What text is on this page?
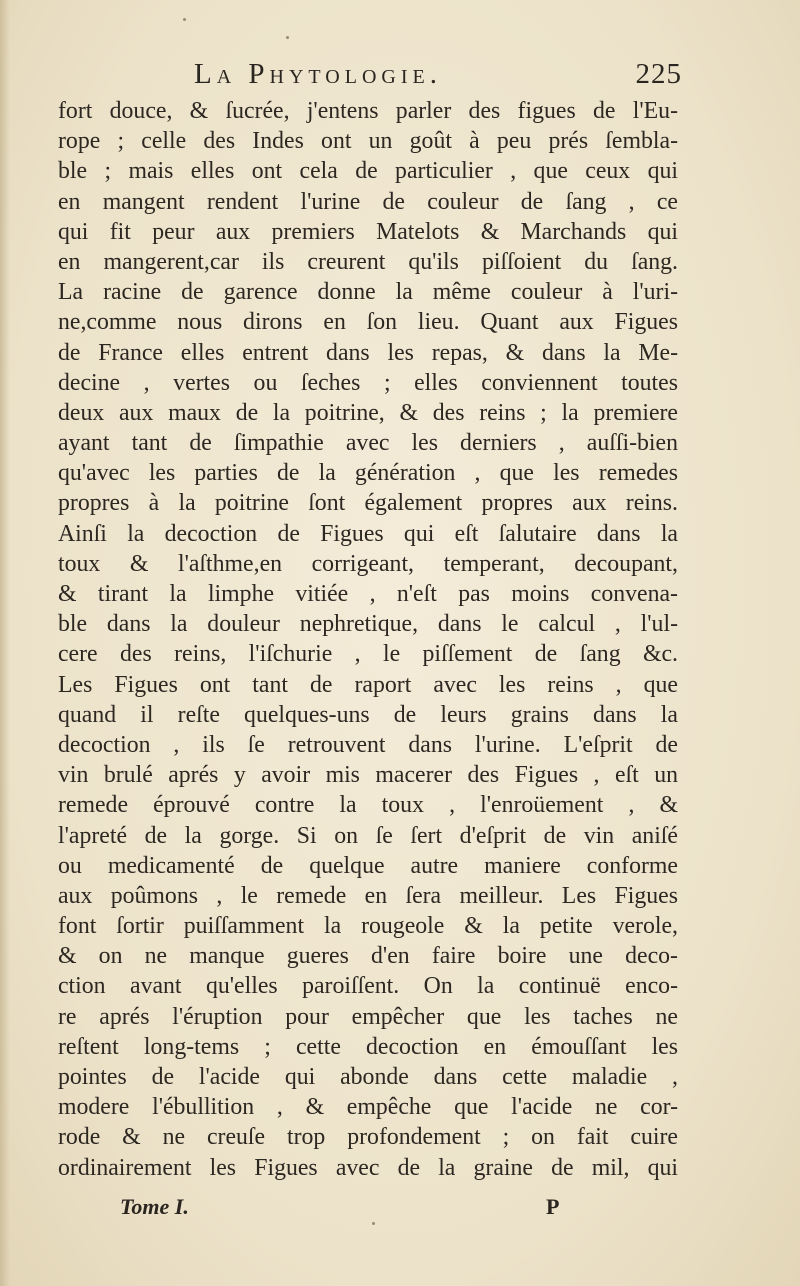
La Phytologie.	225
fort douce, & ſucrée, j'entens parler des figues de l'Eu-
rope ; celle des Indes ont un goût à peu prés ſembla-
ble ; mais elles ont cela de particulier , que ceux qui
en mangent rendent l'urine de couleur de ſang , ce
qui fit peur aux premiers Matelots & Marchands qui
en mangerent,car ils creurent qu'ils piſſoient du ſang.
La racine de garence donne la même couleur à l'uri-
ne,comme nous dirons en ſon lieu. Quant aux Figues
de France elles entrent dans les repas, & dans la Me-
decine , vertes ou ſeches ; elles conviennent toutes
deux aux maux de la poitrine, & des reins ; la premiere
ayant tant de ſimpathie avec les derniers , auſſi-bien
qu'avec les parties de la génération , que les remedes
propres à la poitrine ſont également propres aux reins.
Ainſi la decoction de Figues qui eſt ſalutaire dans la
toux & l'aſthme,en corrigeant, temperant, decoupant,
& tirant la limphe vitiée , n'eſt pas moins convena-
ble dans la douleur nephretique, dans le calcul , l'ul-
cere des reins, l'iſchurie , le piſſement de ſang &c.
Les Figues ont tant de raport avec les reins , que
quand il reſte quelques-uns de leurs grains dans la
decoction , ils ſe retrouvent dans l'urine. L'eſprit de
vin brulé aprés y avoir mis macerer des Figues , eſt un
remede éprouvé contre la toux , l'enroüement , &
l'apreté de la gorge. Si on ſe ſert d'eſprit de vin aniſé
ou medicamenté de quelque autre maniere conforme
aux poûmons , le remede en ſera meilleur. Les Figues
font ſortir puiſſamment la rougeole & la petite verole,
& on ne manque gueres d'en faire boire une deco-
ction avant qu'elles paroiſſent. On la continuë enco-
re aprés l'éruption pour empêcher que les taches ne
reſtent long-tems ; cette decoction en émouſſant les
pointes de l'acide qui abonde dans cette maladie ,
modere l'ébullition , & empêche que l'acide ne cor-
rode & ne creuſe trop profondement ; on fait cuire
ordinairement les Figues avec de la graine de mil, qui
Tome I.	P
